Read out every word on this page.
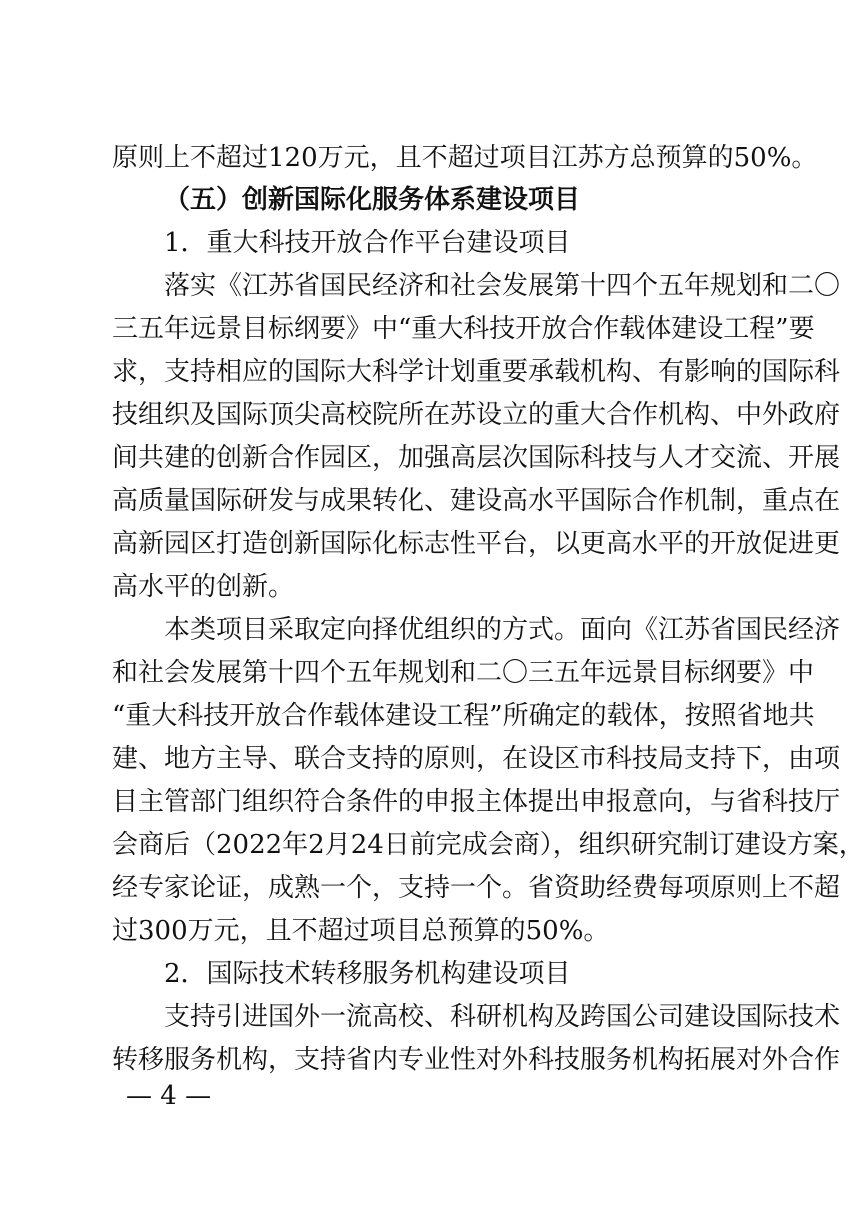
原则上不超过120万元，且不超过项目江苏方总预算的50%。
（五）创新国际化服务体系建设项目
1．重大科技开放合作平台建设项目
落实《江苏省国民经济和社会发展第十四个五年规划和二〇
三五年远景目标纲要》中“重大科技开放合作载体建设工程”要
求，支持相应的国际大科学计划重要承载机构、有影响的国际科
技组织及国际顶尖高校院所在苏设立的重大合作机构、中外政府
间共建的创新合作园区，加强高层次国际科技与人才交流、开展
高质量国际研发与成果转化、建设高水平国际合作机制，重点在
高新园区打造创新国际化标志性平台，以更高水平的开放促进更
高水平的创新。
本类项目采取定向择优组织的方式。面向《江苏省国民经济
和社会发展第十四个五年规划和二〇三五年远景目标纲要》中
“重大科技开放合作载体建设工程”所确定的载体，按照省地共
建、地方主导、联合支持的原则，在设区市科技局支持下，由项
目主管部门组织符合条件的申报主体提出申报意向，与省科技厅
会商后（2022年2月24日前完成会商），组织研究制订建设方案，
经专家论证，成熟一个，支持一个。省资助经费每项原则上不超
过300万元，且不超过项目总预算的50%。
2．国际技术转移服务机构建设项目
支持引进国外一流高校、科研机构及跨国公司建设国际技术
转移服务机构，支持省内专业性对外科技服务机构拓展对外合作
— 4 —
